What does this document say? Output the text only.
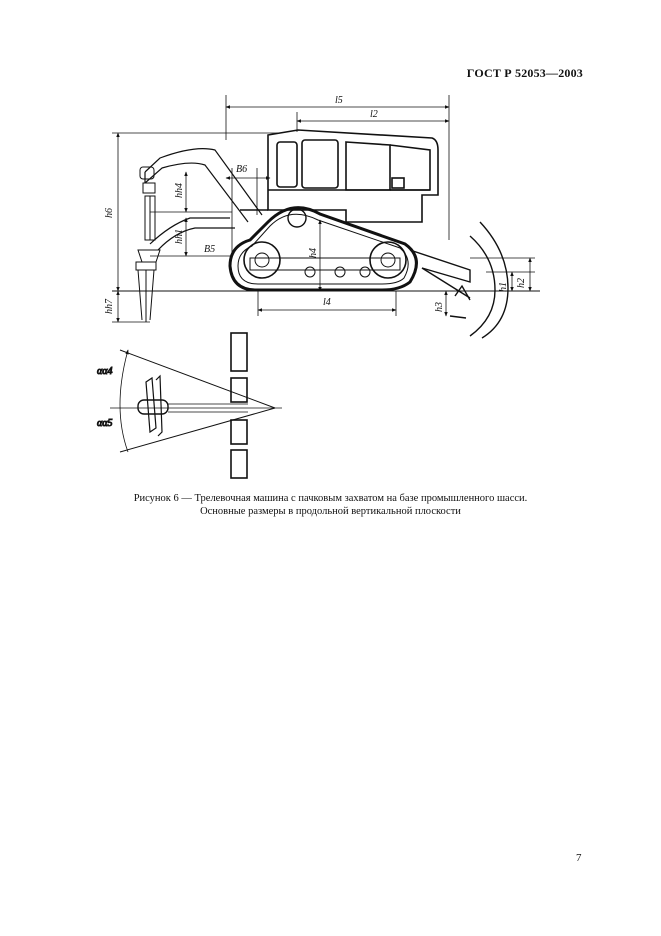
ГОСТ Р 52053—2003
l5
l2
h6
hh7
hh4
hh1
B5
B6
h4
l4
h2
h1
h3
αα4
αα5
Рисунок 6 — Трелевочная машина с пачковым захватом на базе промышленного шасси.
Основные размеры в продольной вертикальной плоскости
7
